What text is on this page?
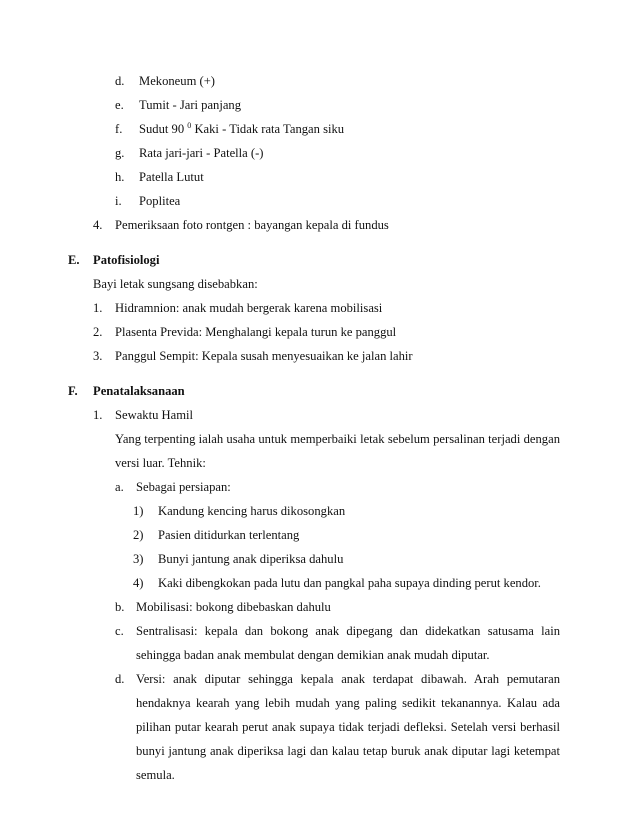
d. Mekoneum (+)
e. Tumit - Jari panjang
f. Sudut 90 $^0$ Kaki - Tidak rata Tangan siku
g. Rata jari-jari - Patella (-)
h. Patella Lutut
i. Poplitea
4. Pemeriksaan foto rontgen : bayangan kepala di fundus
E. Patofisiologi
Bayi letak sungsang disebabkan:
1. Hidramnion: anak mudah bergerak karena mobilisasi
2. Plasenta Previda: Menghalangi kepala turun ke panggul
3. Panggul Sempit: Kepala susah menyesuaikan ke jalan lahir
F. Penatalaksanaan
1. Sewaktu Hamil
Yang terpenting ialah usaha untuk memperbaiki letak sebelum persalinan terjadi dengan
versi luar. Tehnik:
a. Sebagai persiapan:
1) Kandung kencing harus dikosongkan
2) Pasien ditidurkan terlentang
3) Bunyi jantung anak diperiksa dahulu
4) Kaki dibengkokan pada lutu dan pangkal paha supaya dinding perut kendor.
b. Mobilisasi: bokong dibebaskan dahulu
c. Sentralisasi: kepala dan bokong anak dipegang dan didekatkan satusama lain
sehingga badan anak membulat dengan demikian anak mudah diputar.
d. Versi: anak diputar sehingga kepala anak terdapat dibawah. Arah pemutaran
hendaknya kearah yang lebih mudah yang paling sedikit tekanannya. Kalau ada
pilihan putar kearah perut anak supaya tidak terjadi defleksi. Setelah versi berhasil
bunyi jantung anak diperiksa lagi dan kalau tetap buruk anak diputar lagi ketempat
semula.
